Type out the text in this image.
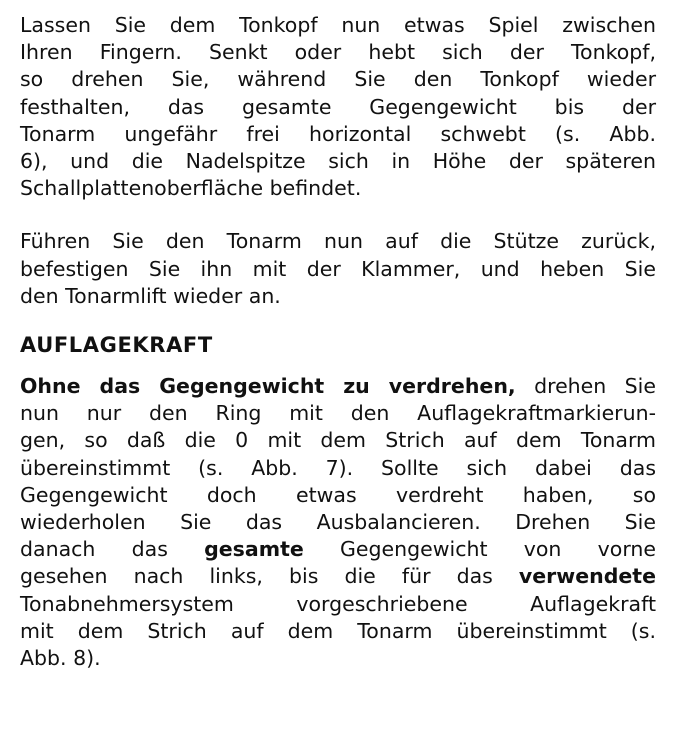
Lassen Sie dem Tonkopf nun etwas Spiel zwischen
Ihren Fingern. Senkt oder hebt sich der Tonkopf,
so drehen Sie, während Sie den Tonkopf wieder
festhalten, das gesamte Gegengewicht bis der
Tonarm ungefähr frei horizontal schwebt (s. Abb.
6), und die Nadelspitze sich in Höhe der späteren
Schallplattenoberfläche befindet.

Führen Sie den Tonarm nun auf die Stütze zurück,
befestigen Sie ihn mit der Klammer, und heben Sie
den Tonarmlift wieder an.

AUFLAGEKRAFT

Ohne das Gegengewicht zu verdrehen, drehen Sie
nun nur den Ring mit den Auflagekraftmarkierun-
gen, so daß die 0 mit dem Strich auf dem Tonarm
übereinstimmt (s. Abb. 7). Sollte sich dabei das
Gegengewicht doch etwas verdreht haben, so
wiederholen Sie das Ausbalancieren. Drehen Sie
danach das gesamte Gegengewicht von vorne
gesehen nach links, bis die für das verwendete
Tonabnehmersystem vorgeschriebene Auflagekraft
mit dem Strich auf dem Tonarm übereinstimmt (s.
Abb. 8).
